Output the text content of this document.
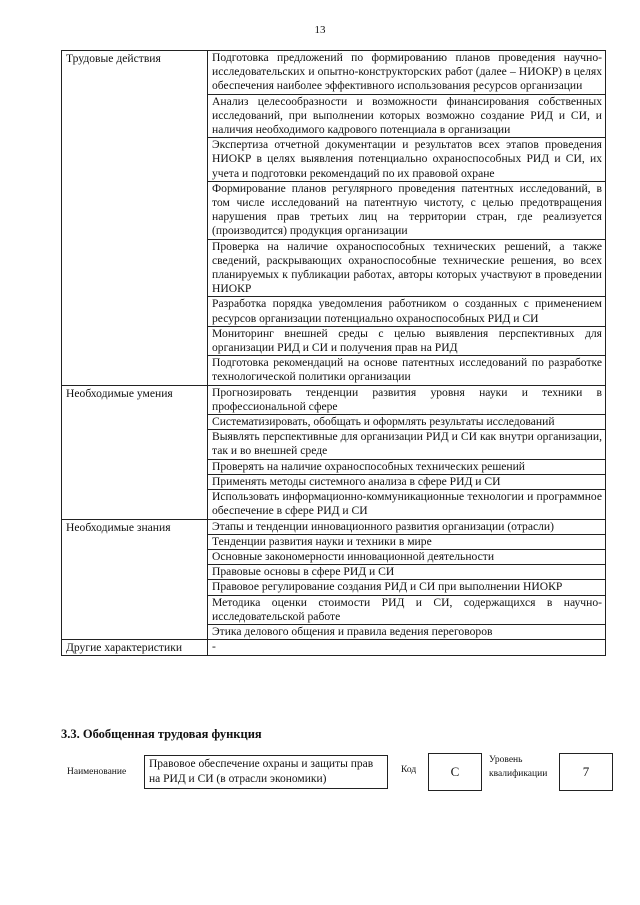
13
Трудовые действия	Подготовка предложений по формированию планов проведения научно-исследовательских и опытно-конструкторских работ (далее – НИОКР) в целях обеспечения наиболее эффективного использования ресурсов организации
	Анализ целесообразности и возможности финансирования собственных исследований, при выполнении которых возможно создание РИД и СИ, и наличия необходимого кадрового потенциала в организации
	Экспертиза отчетной документации и результатов всех этапов проведения НИОКР в целях выявления потенциально охраноспособных РИД и СИ, их учета и подготовки рекомендаций по их правовой охране
	Формирование планов регулярного проведения патентных исследований, в том числе исследований на патентную чистоту, с целью предотвращения нарушения прав третьих лиц на территории стран, где реализуется (производится) продукция организации
	Проверка на наличие охраноспособных технических решений, а также сведений, раскрывающих охраноспособные технические решения, во всех планируемых к публикации работах, авторы которых участвуют в проведении НИОКР
	Разработка порядка уведомления работником о созданных с применением ресурсов организации потенциально охраноспособных РИД и СИ
	Мониторинг внешней среды с целью выявления перспективных для организации РИД и СИ и получения прав на РИД
	Подготовка рекомендаций на основе патентных исследований по разработке технологической политики организации
Необходимые умения	Прогнозировать тенденции развития уровня науки и техники в профессиональной сфере
	Систематизировать, обобщать и оформлять результаты исследований
	Выявлять перспективные для организации РИД и СИ как внутри организации, так и во внешней среде
	Проверять на наличие охраноспособных технических решений
	Применять методы системного анализа в сфере РИД и СИ
	Использовать информационно-коммуникационные технологии и программное обеспечение в сфере РИД и СИ
Необходимые знания	Этапы и тенденции инновационного развития организации (отрасли)
	Тенденции развития науки и техники в мире
	Основные закономерности инновационной деятельности
	Правовые основы в сфере РИД и СИ
	Правовое регулирование создания РИД и СИ при выполнении НИОКР
	Методика оценки стоимости РИД и СИ, содержащихся в научно-исследовательской работе
	Этика делового общения и правила ведения переговоров
Другие характеристики	-
3.3. Обобщенная трудовая функция
Наименование
Правовое обеспечение охраны и защиты прав на РИД и СИ (в отрасли экономики)
Код	С
Уровень
квалификации	7
